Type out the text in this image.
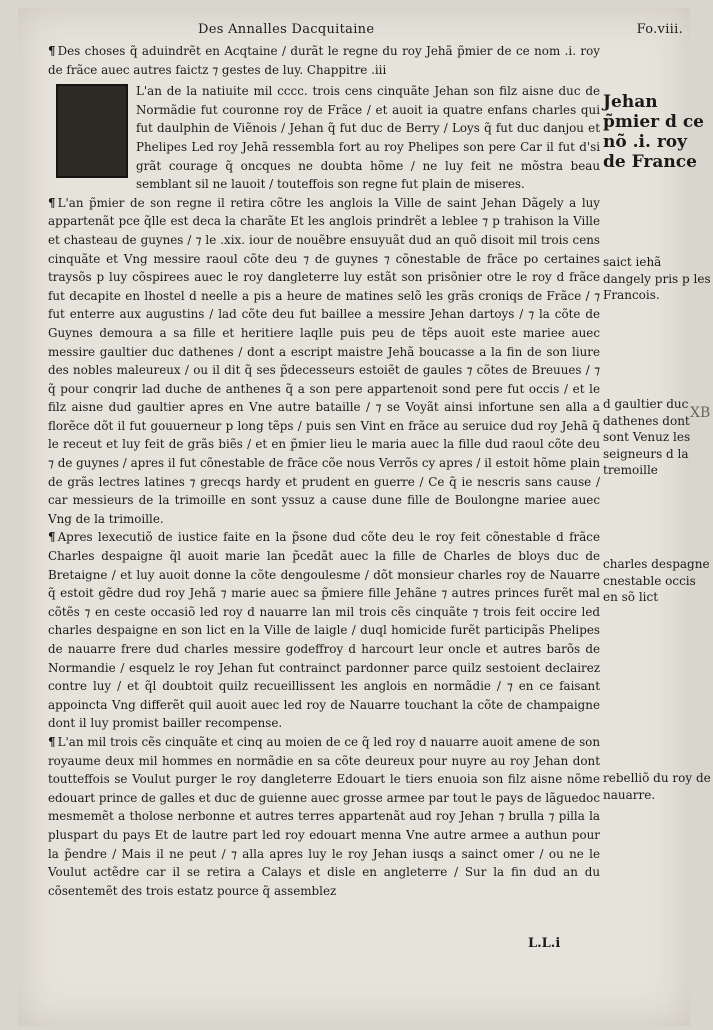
Des Annalles Dacquitaine	Fo.viii.

¶ Des choses q̃ aduindrẽt en Acqtaine / durãt le regne du roy Jehã p̃mier de ce nom .i. roy de frãce auec autres faictz ⁊ gestes de luy. Chappitre .iii

L'an de la natiuite mil cccc. trois cens cinquãte Jehan son filz aisne duc de Normãdie fut couronne roy de Frãce / et auoit ia quatre enfans charles qui fut daulphin de Viẽnois / Jehan q̃ fut duc de Berry / Loys q̃ fut duc danjou et Phelipes Led roy Jehã ressembla fort au roy Phelipes son pere Car il fut d'si grãt courage q̃ oncques ne doubta hõme / ne luy feit ne mõstra beau semblant sil ne lauoit / touteffois son regne fut plain de miseres.

¶ L'an p̃mier de son regne il retira cõtre les anglois la Ville de saint Jehan Dãgely a luy appartenãt pce q̃lle est deca la charãte Et les anglois prindrẽt a leblee ⁊ p trahison la Ville et chasteau de guynes / ⁊ le .xix. iour de nouẽbre ensuyuãt dud an quõ disoit mil trois cens cinquãte et Vng messire raoul cõte deu ⁊ de guynes ⁊ cõnestable de frãce po certaines traysõs p luy cõspirees auec le roy dangleterre luy estãt son prisõnier otre le roy d frãce fut decapite en lhostel d neelle a pis a heure de matines selõ les grãs croniqs de Frãce / ⁊ fut enterre aux augustins / lad cõte deu fut baillee a messire Jehan dartoys / ⁊ la cõte de Guynes demoura a sa fille et heritiere laqlle puis peu de tẽps auoit este mariee auec messire gaultier duc dathenes / dont a escript maistre Jehã boucasse a la fin de son liure des nobles maleureux / ou il dit q̃ ses p̃decesseurs estoiẽt de gaules ⁊ cõtes de Breuues / ⁊ q̃ pour conqrir lad duche de anthenes q̃ a son pere appartenoit sond pere fut occis / et le filz aisne dud gaultier apres en Vne autre bataille / ⁊ se Voyãt ainsi infortune sen alla a florẽce dõt il fut gouuerneur p long tẽps / puis sen Vint en frãce au seruice dud roy Jehã q̃ le receut et luy feit de grãs biẽs / et en p̃mier lieu le maria auec la fille dud raoul cõte deu ⁊ de guynes / apres il fut cõnestable de frãce cõe nous Verrõs cy apres / il estoit hõme plain de grãs lectres latines ⁊ grecqs hardy et prudent en guerre / Ce q̃ ie nescris sans cause / car messieurs de la trimoille en sont yssuz a cause dune fille de Boulongne mariee auec Vng de la trimoille.

¶ Apres lexecutiõ de iustice faite en la p̃sone dud cõte deu le roy feit cõnestable d frãce Charles despaigne q̃l auoit marie lan p̃cedãt auec la fille de Charles de bloys duc de Bretaigne / et luy auoit donne la cõte dengoulesme / dõt monsieur charles roy de Nauarre q̃ estoit gẽdre dud roy Jehã ⁊ marie auec sa p̃miere fille Jehãne ⁊ autres princes furẽt mal cõtẽs ⁊ en ceste occasiõ led roy d nauarre lan mil trois cẽs cinquãte ⁊ trois feit occire led charles despaigne en son lict en la Ville de laigle / duql homicide furẽt participãs Phelipes de nauarre frere dud charles messire godeffroy d harcourt leur oncle et autres barõs de Normandie / esquelz le roy Jehan fut contrainct pardonner parce quilz sestoient declairez contre luy / et q̃l doubtoit quilz recueillissent les anglois en normãdie / ⁊ en ce faisant appoincta Vng differẽt quil auoit auec led roy de Nauarre touchant la cõte de champaigne dont il luy promist bailler recompense.

¶ L'an mil trois cẽs cinquãte et cinq au moien de ce q̃ led roy d nauarre auoit amene de son royaume deux mil hommes en normãdie en sa cõte deureux pour nuyre au roy Jehan dont toutteffois se Voulut purger le roy dangleterre Edouart le tiers enuoia son filz aisne nõme edouart prince de galles et duc de guienne auec grosse armee par tout le pays de lãguedoc mesmemẽt a tholose nerbonne et autres terres appartenãt aud roy Jehan ⁊ brulla ⁊ pilla la pluspart du pays Et de lautre part led roy edouart menna Vne autre armee a authun pour la p̃endre / Mais il ne peut / ⁊ alla apres luy le roy Jehan iusqs a sainct omer / ou ne le Voulut actẽdre car il se retira a Calays et disle en angleterre / Sur la fin dud an du cõsentemẽt des trois estatz pource q̃ assemblez

Jehan p̃mier d ce nõ .i. roy de France
saict iehã dangely pris p les Francois.
d gaultier duc dathenes dont sont Venuz les seigneurs d la tremoille
charles despagne cnestable occis en sõ lict
rebelliõ du roy de nauarre.
L.L.i
XB
